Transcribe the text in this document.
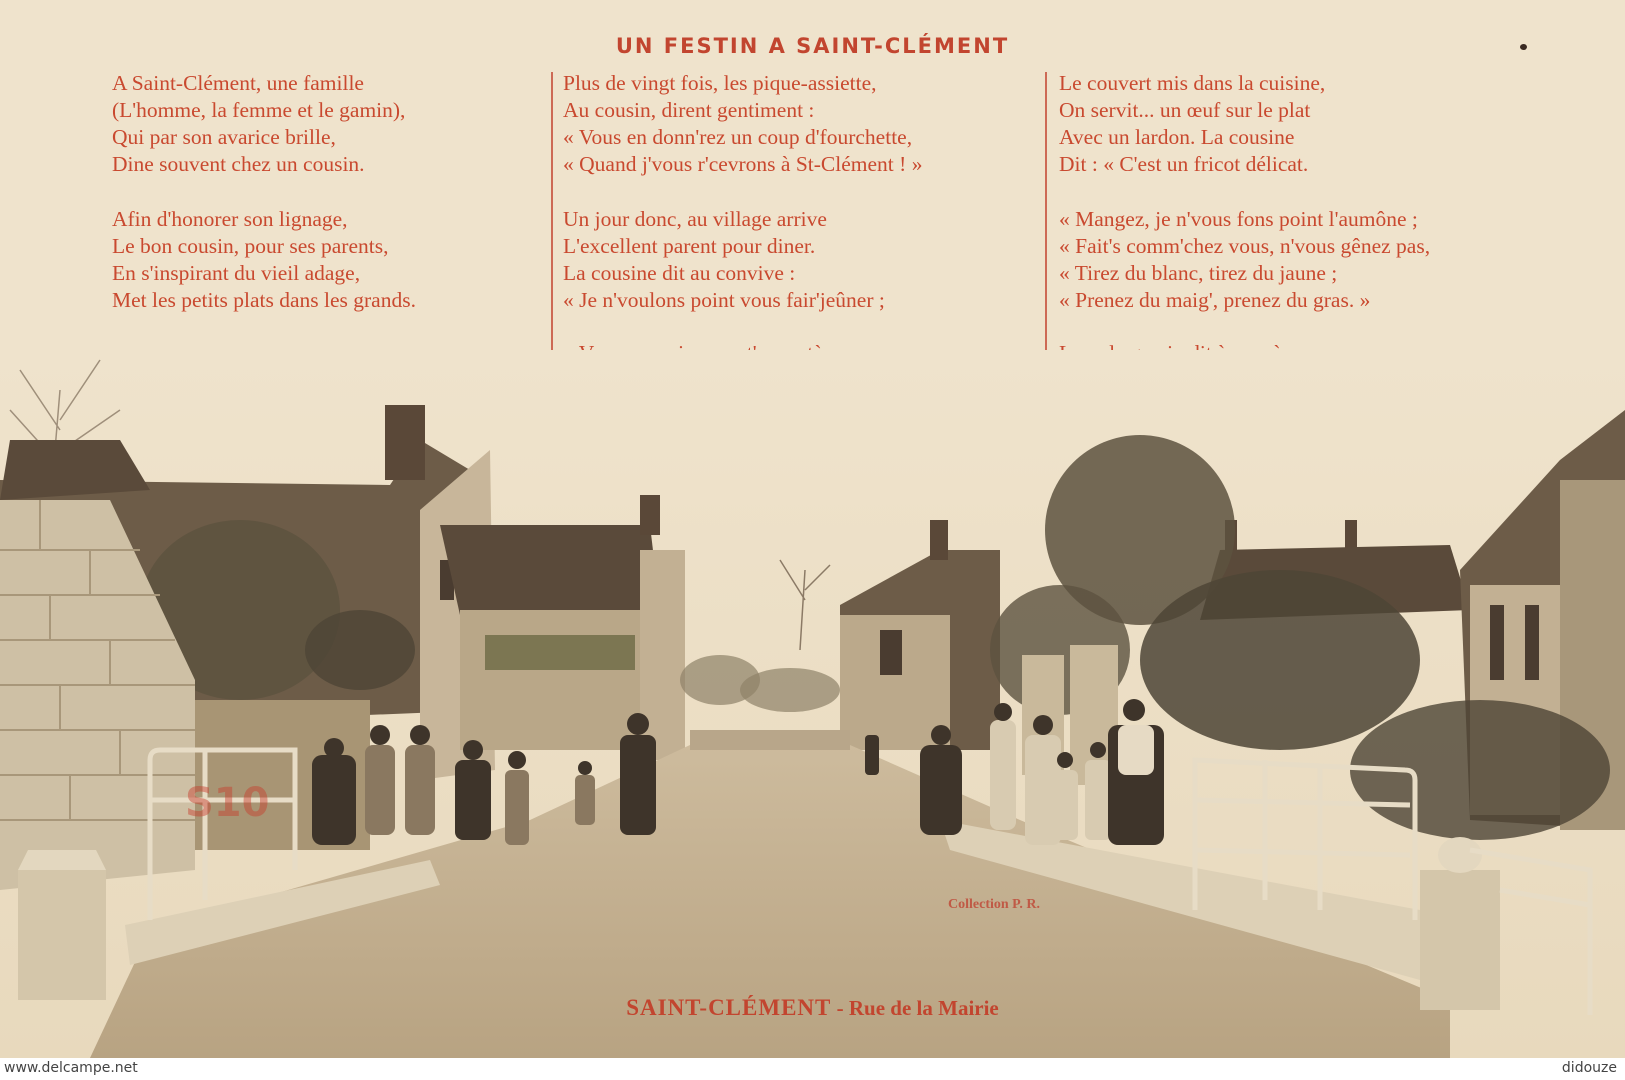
UN FESTIN A SAINT-CLÉMENT
A Saint-Clément, une famille
(L'homme, la femme et le gamin),
Qui par son avarice brille,
Dine souvent chez un cousin.
Afin d'honorer son lignage,
Le bon cousin, pour ses parents,
En s'inspirant du vieil adage,
Met les petits plats dans les grands.
Plus de vingt fois, les pique-assiette,
Au cousin, dirent gentiment :
« Vous en donn'rez un coup d'fourchette,
« Quand j'vous r'cevrons à St-Clément ! »
Un jour donc, au village arrive
L'excellent parent pour diner.
La cousine dit au convive :
« Je n'voulons point vous fair'jeûner ;
Le couvert mis dans la cuisine,
On servit... un œuf sur le plat
Avec un lardon. La cousine
Dit : « C'est un fricot délicat.
« Mangez, je n'vous fons point l'aumône ;
« Fait's comm'chez vous, n'vous gênez pas,
« Tirez du blanc, tirez du jaune ;
« Prenez du maig', prenez du gras. »
S10
Collection P. R.
SAINT-CLÉMENT - Rue de la Mairie
www.delcampe.net	didouze
